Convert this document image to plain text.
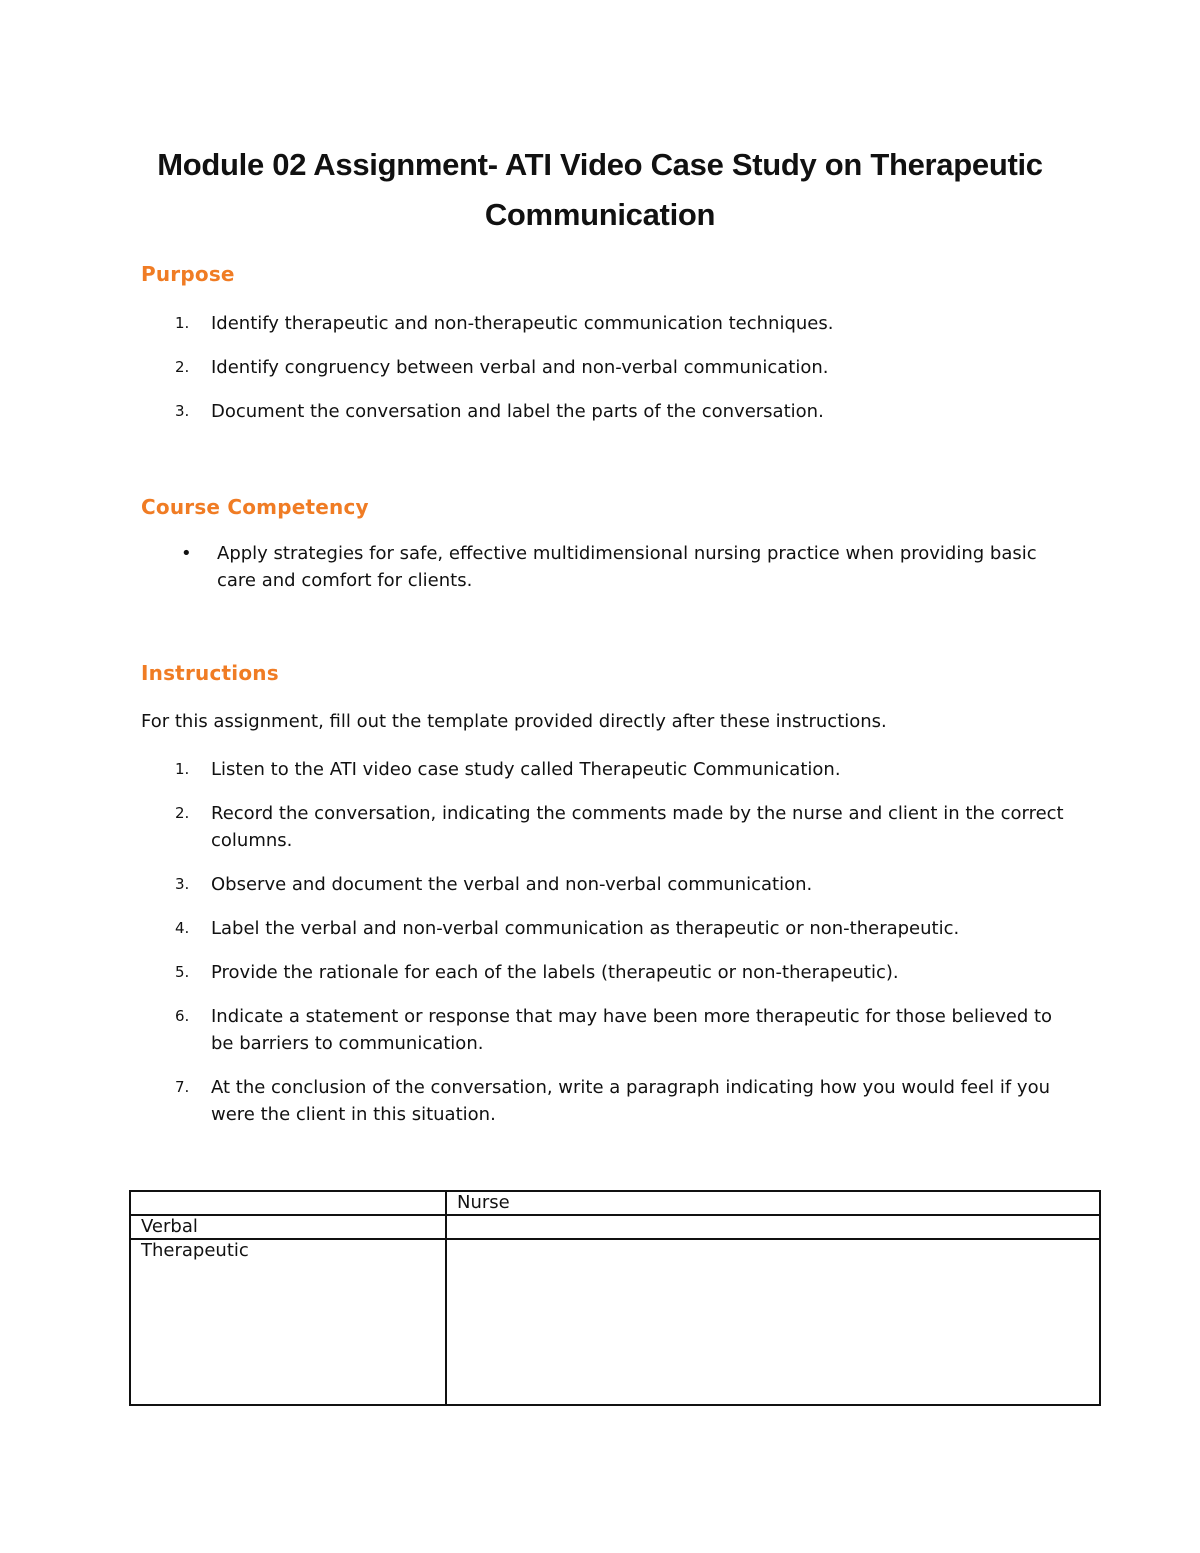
Module 02 Assignment- ATI Video Case Study on Therapeutic Communication
Purpose
1. Identify therapeutic and non-therapeutic communication techniques.
2. Identify congruency between verbal and non-verbal communication.
3. Document the conversation and label the parts of the conversation.
Course Competency
• Apply strategies for safe, effective multidimensional nursing practice when providing basic care and comfort for clients.
Instructions

For this assignment, fill out the template provided directly after these instructions.

1. Listen to the ATI video case study called Therapeutic Communication.
2. Record the conversation, indicating the comments made by the nurse and client in the correct columns.
3. Observe and document the verbal and non-verbal communication.
4. Label the verbal and non-verbal communication as therapeutic or non-therapeutic.
5. Provide the rationale for each of the labels (therapeutic or non-therapeutic).
6. Indicate a statement or response that may have been more therapeutic for those believed to be barriers to communication.
7. At the conclusion of the conversation, write a paragraph indicating how you would feel if you were the client in this situation.
	Nurse
Verbal	
Therapeutic	
